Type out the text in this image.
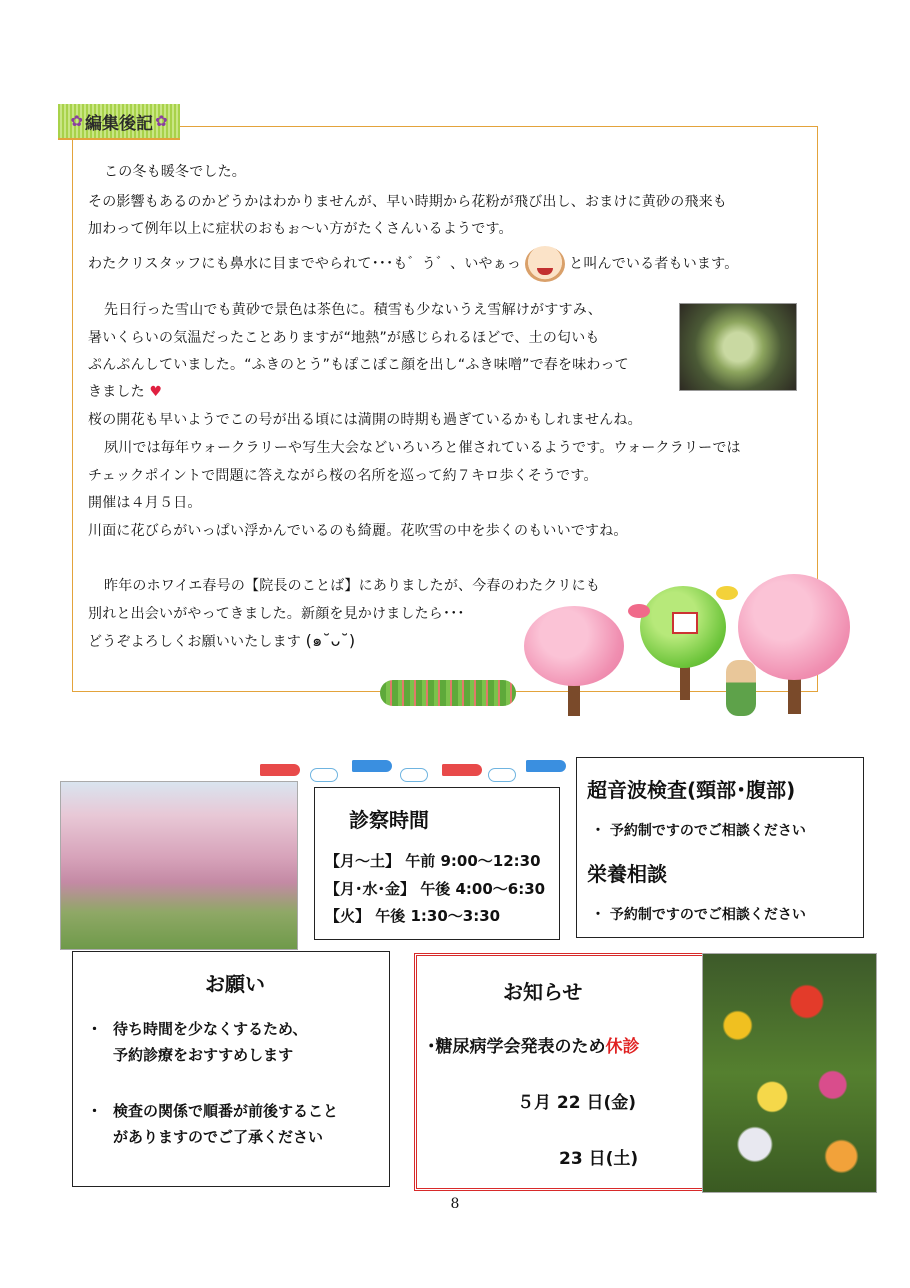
✿ 編集後記 ✿
この冬も暖冬でした。
その影響もあるのかどうかはわかりませんが、早い時期から花粉が飛び出し、おまけに黄砂の飛来も
加わって例年以上に症状のおもぉ～い方がたくさんいるようです。
わたクリスタッフにも鼻水に目までやられて･･･も゛う゛、いやぁっ	と叫んでいる者もいます。
先日行った雪山でも黄砂で景色は茶色に。積雪も少ないうえ雪解けがすすみ、
暑いくらいの気温だったことありますが“地熱”が感じられるほどで、土の匂いも
ぷんぷんしていました。“ふきのとう”もぽこぽこ顔を出し“ふき味噌”で春を味わって
きました ♥
桜の開花も早いようでこの号が出る頃には満開の時期も過ぎているかもしれませんね。
夙川では毎年ウォークラリーや写生大会などいろいろと催されているようです。ウォークラリーでは
チェックポイントで問題に答えながら桜の名所を巡って約７キロ歩くそうです。
開催は４月５日。
川面に花びらがいっぱい浮かんでいるのも綺麗。花吹雪の中を歩くのもいいですね。
昨年のホワイエ春号の【院長のことば】にありましたが、今春のわたクリにも
別れと出会いがやってきました。新顔を見かけましたら･･･
どうぞよろしくお願いいたします (๑˘ᴗ˘)
診察時間
【月～土】 午前 9:00～12:30
【月･水･金】 午後 4:00～6:30
【火】 午後 1:30～3:30
超音波検査(頸部･腹部)
・ 予約制ですのでご相談ください
栄養相談
・ 予約制ですのでご相談ください
お願い
・ 待ち時間を少なくするため、
予約診療をおすすめします
・ 検査の関係で順番が前後すること
がありますのでご了承ください
お知らせ
･糖尿病学会発表のため休診
５月 22 日(金)
23 日(土)
8
